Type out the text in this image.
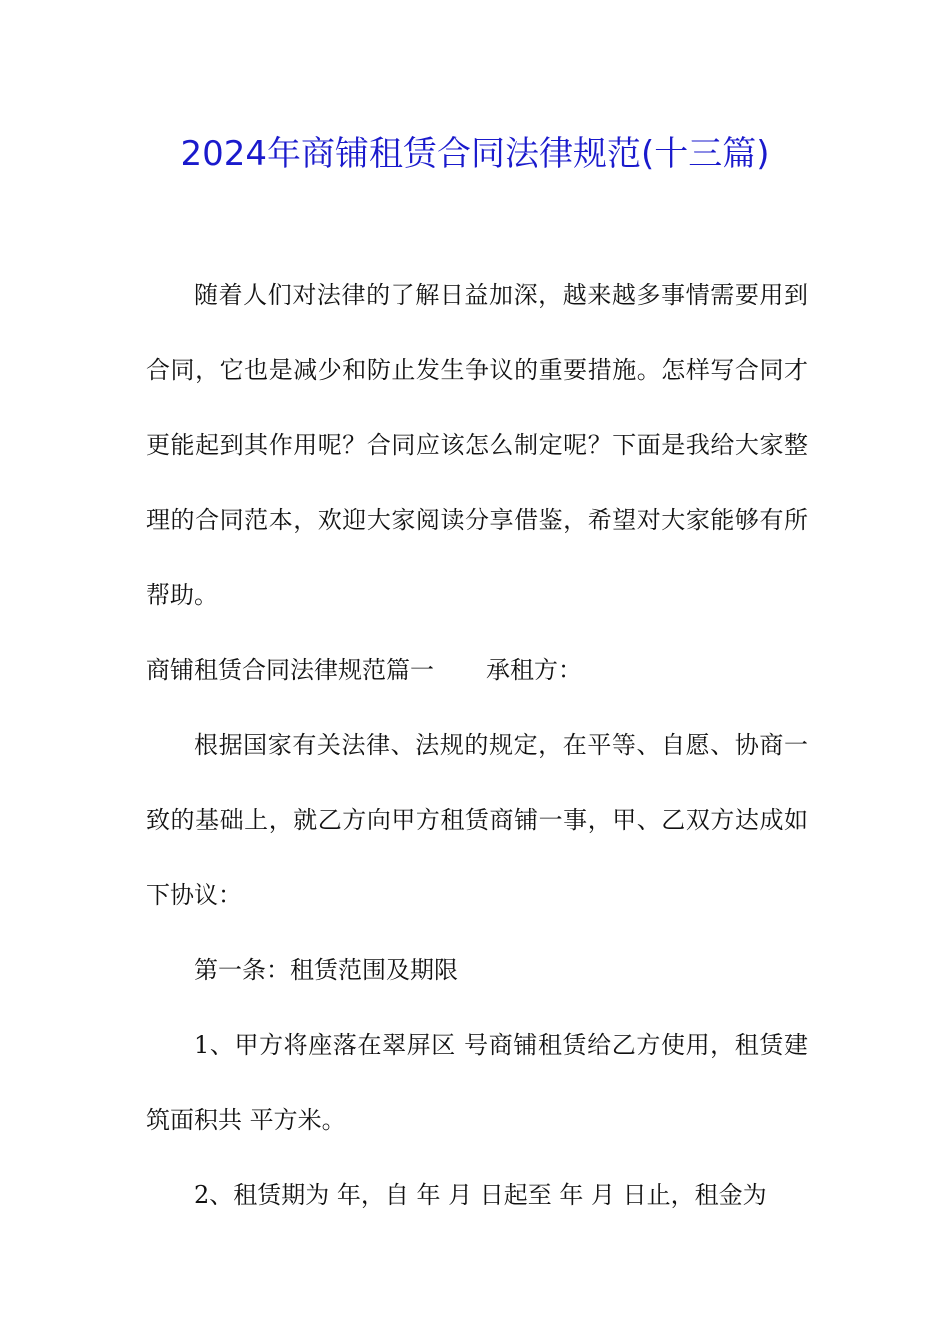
2024年商铺租赁合同法律规范(十三篇)

随着人们对法律的了解日益加深，越来越多事情需要用到合同，它也是减少和防止发生争议的重要措施。怎样写合同才更能起到其作用呢？合同应该怎么制定呢？下面是我给大家整理的合同范本，欢迎大家阅读分享借鉴，希望对大家能够有所帮助。

商铺租赁合同法律规范篇一 承租方：

根据国家有关法律、法规的规定，在平等、自愿、协商一致的基础上，就乙方向甲方租赁商铺一事，甲、乙双方达成如下协议：

第一条：租赁范围及期限

1、甲方将座落在翠屏区 号商铺租赁给乙方使用，租赁建筑面积共 平方米。

2、租赁期为 年，自 年 月 日起至 年 月 日止，租金为
